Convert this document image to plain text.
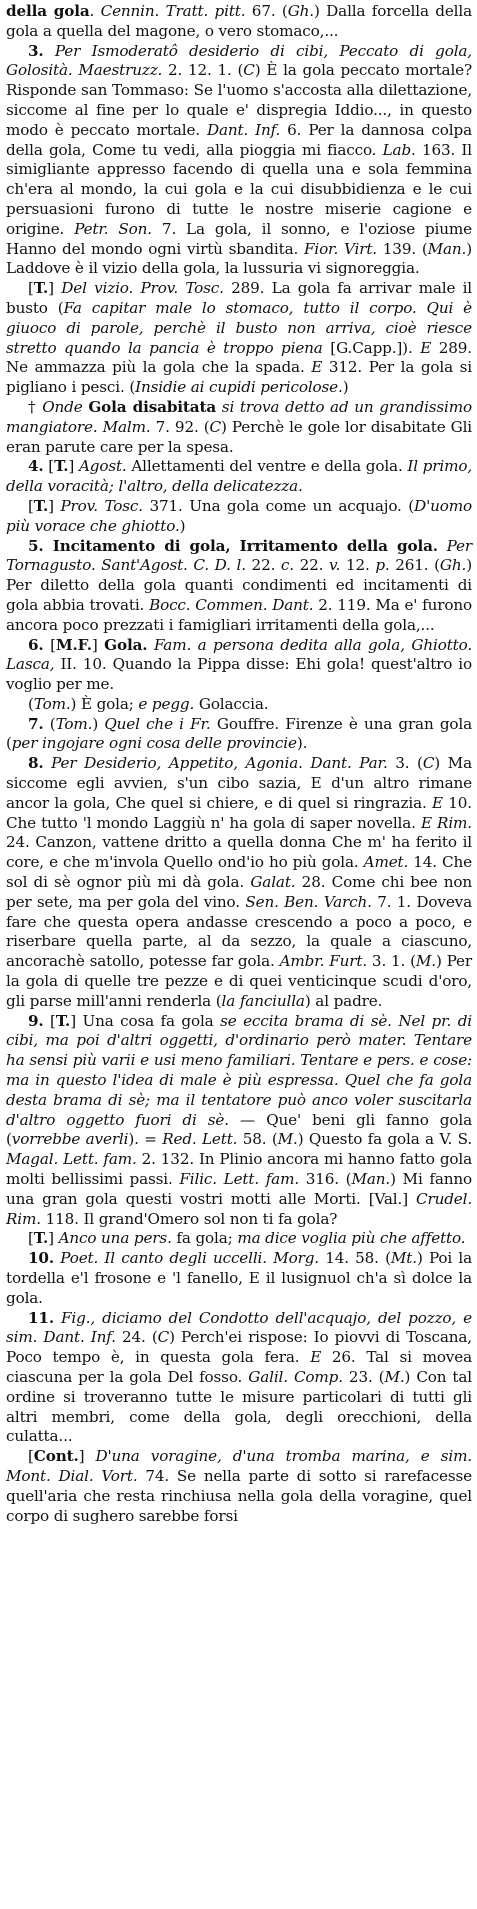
della gola. Cennin. Tratt. pitt. 67. (Gh.) Dalla forcella della gola a quella del magone, o vero stomaco,...

3. Per Ismoderatô desiderio di cibi, Peccato di gola, Golosità. Maestruzz. 2. 12. 1. (C) È la gola peccato mortale? Risponde san Tommaso: Se l'uomo s'accosta alla dilettazione, siccome al fine per lo quale e' dispregia Iddio..., in questo modo è peccato mortale. Dant. Inf. 6. Per la dannosa colpa della gola, Come tu vedi, alla pioggia mi fiacco. Lab. 163. Il simigliante appresso facendo di quella una e sola femmina ch'era al mondo, la cui gola e la cui disubbidienza e le cui persuasioni furono di tutte le nostre miserie cagione e origine. Petr. Son. 7. La gola, il sonno, e l'oziose piume Hanno del mondo ogni virtù sbandita. Fior. Virt. 139. (Man.) Laddove è il vizio della gola, la lussuria vi signoreggia.

[T.] Del vizio. Prov. Tosc. 289. La gola fa arrivar male il busto (Fa capitar male lo stomaco, tutto il corpo. Qui è giuoco di parole, perchè il busto non arriva, cioè riesce stretto quando la pancia è troppo piena [G.Capp.]). E 289. Ne ammazza più la gola che la spada. E 312. Per la gola si pigliano i pesci. (Insidie ai cupidi pericolose.)

† Onde Gola disabitata si trova detto ad un grandissimo mangiatore. Malm. 7. 92. (C) Perchè le gole lor disabitate Gli eran parute care per la spesa.

4. [T.] Agost. Allettamenti del ventre e della gola. Il primo, della voracità; l'altro, della delicatezza.

[T.] Prov. Tosc. 371. Una gola come un acquajo. (D'uomo più vorace che ghiotto.)

5. Incitamento di gola, Irritamento della gola. Per Tornagusto. Sant'Agost. C. D. l. 22. c. 22. v. 12. p. 261. (Gh.) Per diletto della gola quanti condimenti ed incitamenti di gola abbia trovati. Bocc. Commen. Dant. 2. 119. Ma e' furono ancora poco prezzati i famigliari irritamenti della gola,...

6. [M.F.] Gola. Fam. a persona dedita alla gola, Ghiotto. Lasca, II. 10. Quando la Pippa disse: Ehi gola! quest'altro io voglio per me.

(Tom.) È gola; e pegg. Golaccia.

7. (Tom.) Quel che i Fr. Gouffre. Firenze è una gran gola (per ingojare ogni cosa delle provincie).

8. Per Desiderio, Appetito, Agonia. Dant. Par. 3. (C) Ma siccome egli avvien, s'un cibo sazia, E d'un altro rimane ancor la gola, Che quel si chiere, e di quel si ringrazia. E 10. Che tutto 'l mondo Laggiù n' ha gola di saper novella. E Rim. 24. Canzon, vattene dritto a quella donna Che m' ha ferito il core, e che m'invola Quello ond'io ho più gola. Amet. 14. Che sol di sè ognor più mi dà gola. Galat. 28. Come chi bee non per sete, ma per gola del vino. Sen. Ben. Varch. 7. 1. Doveva fare che questa opera andasse crescendo a poco a poco, e riserbare quella parte, al da sezzo, la quale a ciascuno, ancorachè satollo, potesse far gola. Ambr. Furt. 3. 1. (M.) Per la gola di quelle tre pezze e di quei venticinque scudi d'oro, gli parse mill'anni renderla (la fanciulla) al padre.

9. [T.] Una cosa fa gola se eccita brama di sè. Nel pr. di cibi, ma poi d'altri oggetti, d'ordinario però mater. Tentare ha sensi più varii e usi meno familiari. Tentare e pers. e cose: ma in questo l'idea di male è più espressa. Quel che fa gola desta brama di sè; ma il tentatore può anco voler suscitarla d'altro oggetto fuori di sè. — Que' beni gli fanno gola (vorrebbe averli). = Red. Lett. 58. (M.) Questo fa gola a V. S. Magal. Lett. fam. 2. 132. In Plinio ancora mi hanno fatto gola molti bellissimi passi. Filic. Lett. fam. 316. (Man.) Mi fanno una gran gola questi vostri motti alle Morti. [Val.] Crudel. Rim. 118. Il grand'Omero sol non ti fa gola?

[T.] Anco una pers. fa gola; ma dice voglia più che affetto.

10. Poet. Il canto degli uccelli. Morg. 14. 58. (Mt.) Poi la tordella e'l frosone e 'l fanello, E il lusignuol ch'a sì dolce la gola.

11. Fig., diciamo del Condotto dell'acquajo, del pozzo, e sim. Dant. Inf. 24. (C) Perch'ei rispose: Io piovvi di Toscana, Poco tempo è, in questa gola fera. E 26. Tal si movea ciascuna per la gola Del fosso. Galil. Comp. 23. (M.) Con tal ordine si troveranno tutte le misure particolari di tutti gli altri membri, come della gola, degli orecchioni, della culatta...

[Cont.] D'una voragine, d'una tromba marina, e sim. Mont. Dial. Vort. 74. Se nella parte di sotto si rarefacesse quell'aria che resta rinchiusa nella gola della voragine, quel corpo di sughero sarebbe forsi
